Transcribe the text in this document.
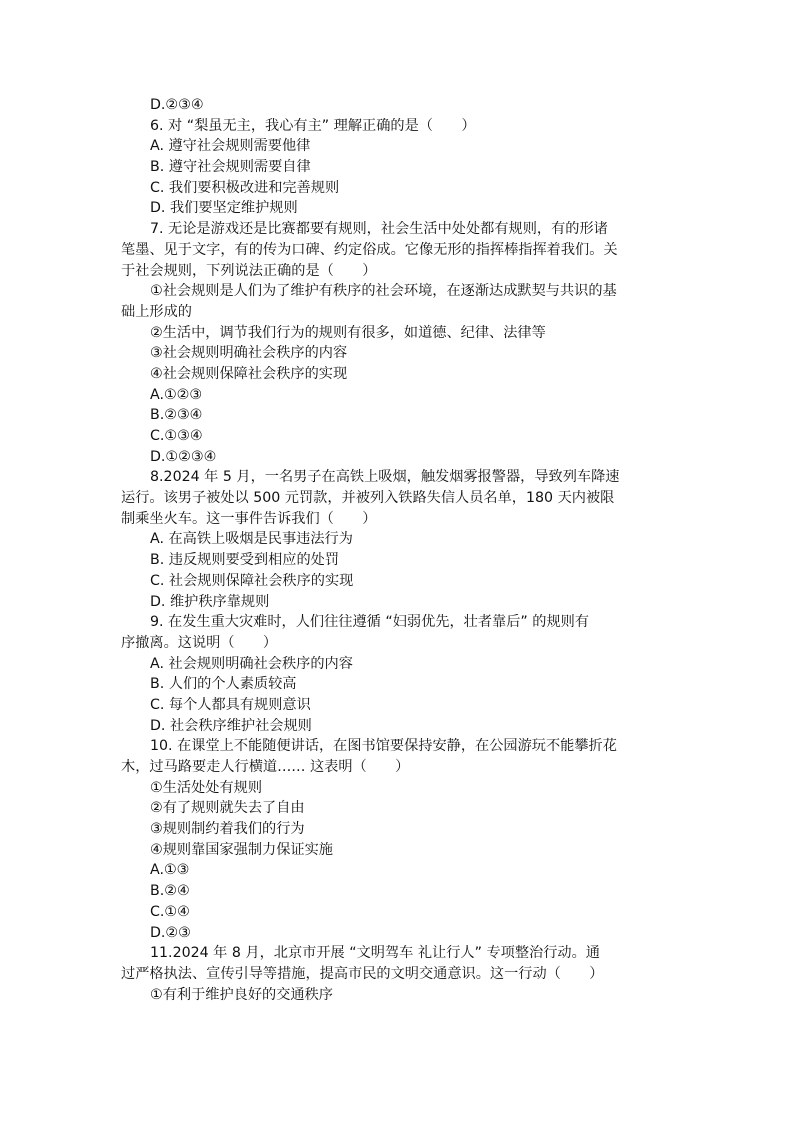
D.②③④
6. 对 “梨虽无主，我心有主” 理解正确的是（　　）
A. 遵守社会规则需要他律
B. 遵守社会规则需要自律
C. 我们要积极改进和完善规则
D. 我们要坚定维护规则
7. 无论是游戏还是比赛都要有规则，社会生活中处处都有规则，有的形诸
笔墨、见于文字，有的传为口碑、约定俗成。它像无形的指挥棒指挥着我们。关
于社会规则，下列说法正确的是（　　）
①社会规则是人们为了维护有秩序的社会环境，在逐渐达成默契与共识的基
础上形成的
②生活中，调节我们行为的规则有很多，如道德、纪律、法律等
③社会规则明确社会秩序的内容
④社会规则保障社会秩序的实现
A.①②③
B.②③④
C.①③④
D.①②③④
8.2024 年 5 月，一名男子在高铁上吸烟，触发烟雾报警器，导致列车降速
运行。该男子被处以 500 元罚款，并被列入铁路失信人员名单，180 天内被限
制乘坐火车。这一事件告诉我们（　　）
A. 在高铁上吸烟是民事违法行为
B. 违反规则要受到相应的处罚
C. 社会规则保障社会秩序的实现
D. 维护秩序靠规则
9. 在发生重大灾难时，人们往往遵循 “妇弱优先，壮者靠后” 的规则有
序撤离。这说明（　　）
A. 社会规则明确社会秩序的内容
B. 人们的个人素质较高
C. 每个人都具有规则意识
D. 社会秩序维护社会规则
10. 在课堂上不能随便讲话，在图书馆要保持安静，在公园游玩不能攀折花
木，过马路要走人行横道…… 这表明（　　）
①生活处处有规则
②有了规则就失去了自由
③规则制约着我们的行为
④规则靠国家强制力保证实施
A.①③
B.②④
C.①④
D.②③
11.2024 年 8 月，北京市开展 “文明驾车 礼让行人” 专项整治行动。通
过严格执法、宣传引导等措施，提高市民的文明交通意识。这一行动（　　）
①有利于维护良好的交通秩序
